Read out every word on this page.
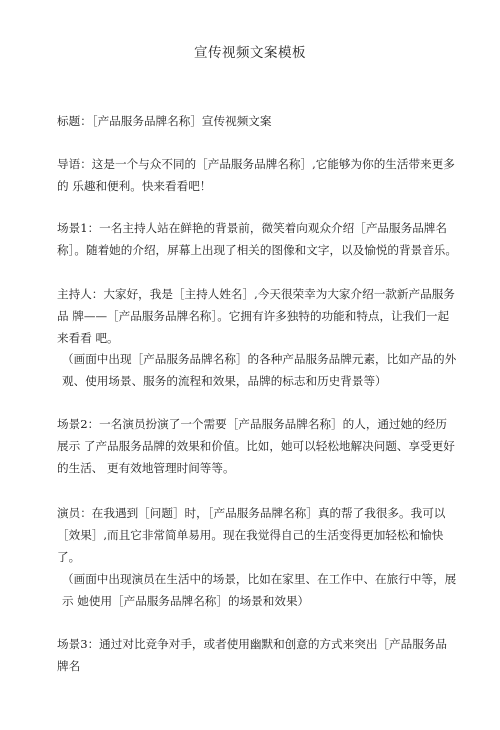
宣传视频文案模板

标题：［产品服务品牌名称］宣传视频文案

导语：这是一个与众不同的［产品服务品牌名称］,它能够为你的生活带来更多的 乐趣和便利。快来看看吧！

场景1：一名主持人站在鲜艳的背景前，微笑着向观众介绍［产品服务品牌名称］。随着她的介绍，屏幕上出现了相关的图像和文字，以及愉悦的背景音乐。

主持人：大家好，我是［主持人姓名］,今天很荣幸为大家介绍一款新产品服务品 牌——［产品服务品牌名称］。它拥有许多独特的功能和特点，让我们一起来看看 吧。

（画面中出现［产品服务品牌名称］的各种产品服务品牌元素，比如产品的外观、使用场景、服务的流程和效果，品牌的标志和历史背景等）

场景2：一名演员扮演了一个需要［产品服务品牌名称］的人，通过她的经历展示 了产品服务品牌的效果和价值。比如，她可以轻松地解决问题、享受更好的生活、 更有效地管理时间等等。

演员：在我遇到［问题］时，［产品服务品牌名称］真的帮了我很多。我可以［效果］,而且它非常简单易用。现在我觉得自己的生活变得更加轻松和愉快了。

（画面中出现演员在生活中的场景，比如在家里、在工作中、在旅行中等，展示 她使用［产品服务品牌名称］的场景和效果）

场景3：通过对比竞争对手，或者使用幽默和创意的方式来突出［产品服务品牌名
